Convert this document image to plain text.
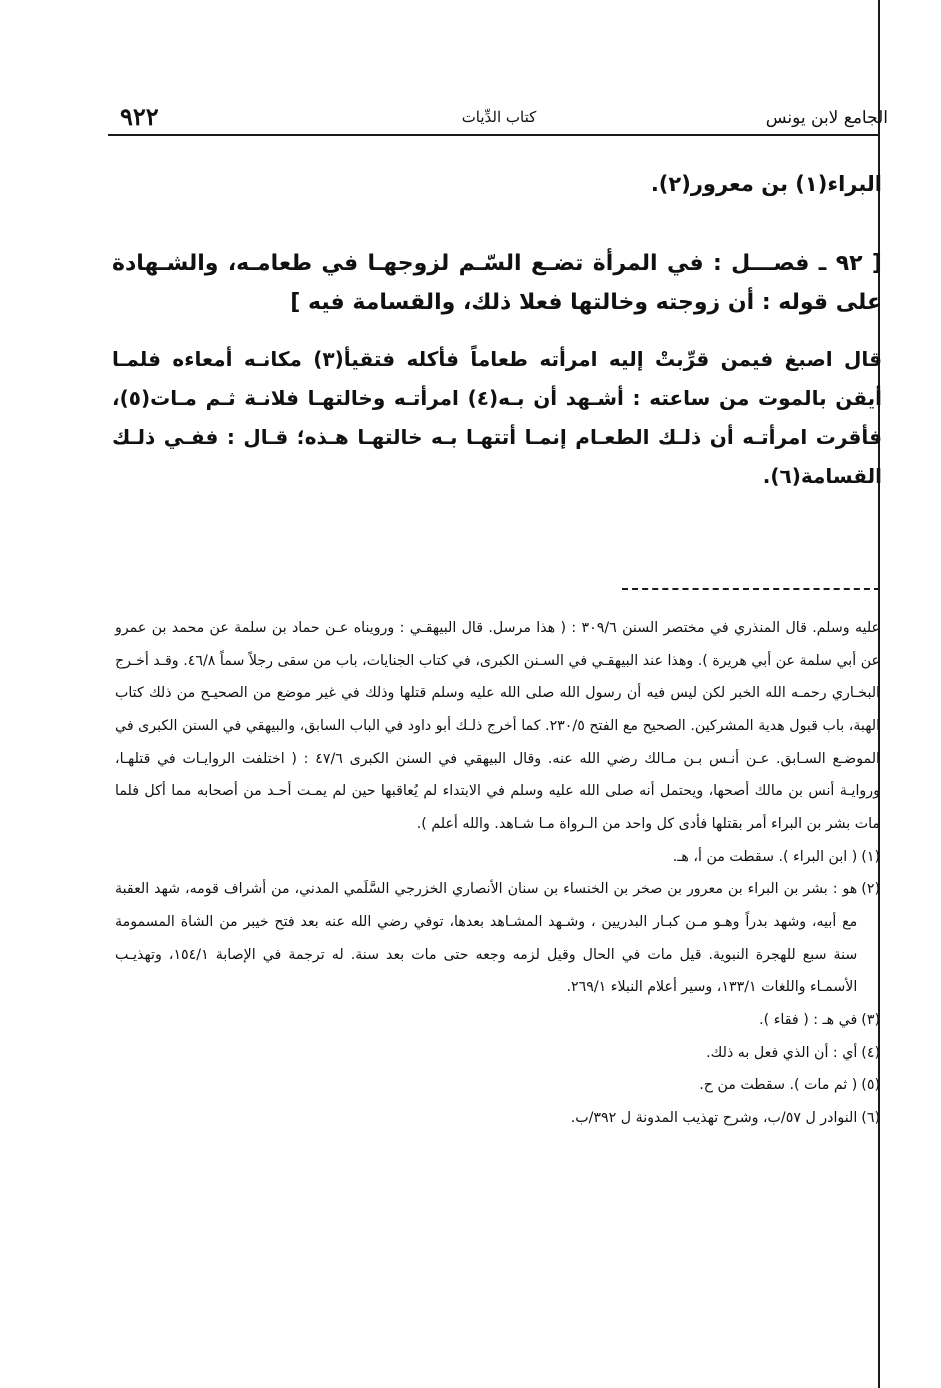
الجامع لابن يونس
كتاب الدِّيات
٩٢٢
البراء(١) بن معرور(٢).
[ ٩٢ ـ فصـــل : في المرأة تضـع السّـم لزوجهـا في طعامـه، والشـهادة على قوله : أن زوجته وخالتها فعلا ذلك، والقسامة فيه ]
قال اصبغ فيمن قرِّبتْ إليه امرأته طعاماً فأكله فتقيأ(٣) مكانـه أمعاءه فلمـا أيقن بالموت من ساعته : أشـهد أن بـه(٤) امرأتـه وخالتهـا فلانـة ثـم مـات(٥)، فأقرت امرأتـه أن ذلـك الطعـام إنمـا أتتهـا بـه خالتهـا هـذه؛ قـال : ففـي ذلـك القسامة(٦).
عليه وسلم. قال المنذري في مختصر السنن ٣٠٩/٦ : ( هذا مرسل. قال البيهقـي : ورويناه عـن حماد بن سلمة عن محمد بن عمرو عن أبي سلمة عن أبي هريرة ). وهذا عند البيهقـي في السـنن الكبرى، في كتاب الجنايات، باب من سقى رجلاً سماً ٤٦/٨. وقـد أخـرج البخـاري رحمـه الله الخبر لكن ليس فيه أن رسول الله صلى الله عليه وسلم قتلها وذلك في غير موضع من الصحيـح من ذلك كتاب الهبة، باب قبول هدية المشركين. الصحيح مع الفتح ٢٣٠/٥. كما أخرج ذلـك أبو داود في الباب السابق، والبيهقي في السنن الكبرى في الموضـع السـابق. عـن أنـس بـن مـالك رضي الله عنه. وقال البيهقي في السنن الكبرى ٤٧/٦ : ( اختلفت الروايـات في قتلهـا، وروايـة أنس بن مالك أصحها، ويحتمل أنه صلى الله عليه وسلم في الابتداء لم يُعاقبها حين لم يمـت أحـد من أصحابه مما أكل فلما مات بشر بن البراء أمر بقتلها فأدى كل واحد من الـرواة مـا شـاهد. والله أعلم ).
(١)
( ابن البراء ). سقطت من أ، هـ.
(٢)
هو : بشر بن البراء بن معرور بن صخر بن الخنساء بن سنان الأنصاري الخزرجي السَّلَمي المدني، من أشراف قومه، شهد العقبة مع أبيه، وشهد بدراً وهـو مـن كبـار البدريين ، وشـهد المشـاهد بعدها، توفي رضي الله عنه بعد فتح خيبر من الشاة المسمومة سنة سبع للهجرة النبوية. قيل مات في الحال وقيل لزمه وجعه حتى مات بعد سنة. له ترجمة في الإصابة ١٥٤/١، وتهذيـب الأسمـاء واللغات ١٣٣/١، وسير أعلام النبلاء ٢٦٩/١.
(٣)
في هـ : ( فقاء ).
(٤)
أي : أن الذي فعل به ذلك.
(٥)
( ثم مات ). سقطت من ح.
(٦)
النوادر ل ٥٧/ب، وشرح تهذيب المدونة ل ٣٩٢/ب.
